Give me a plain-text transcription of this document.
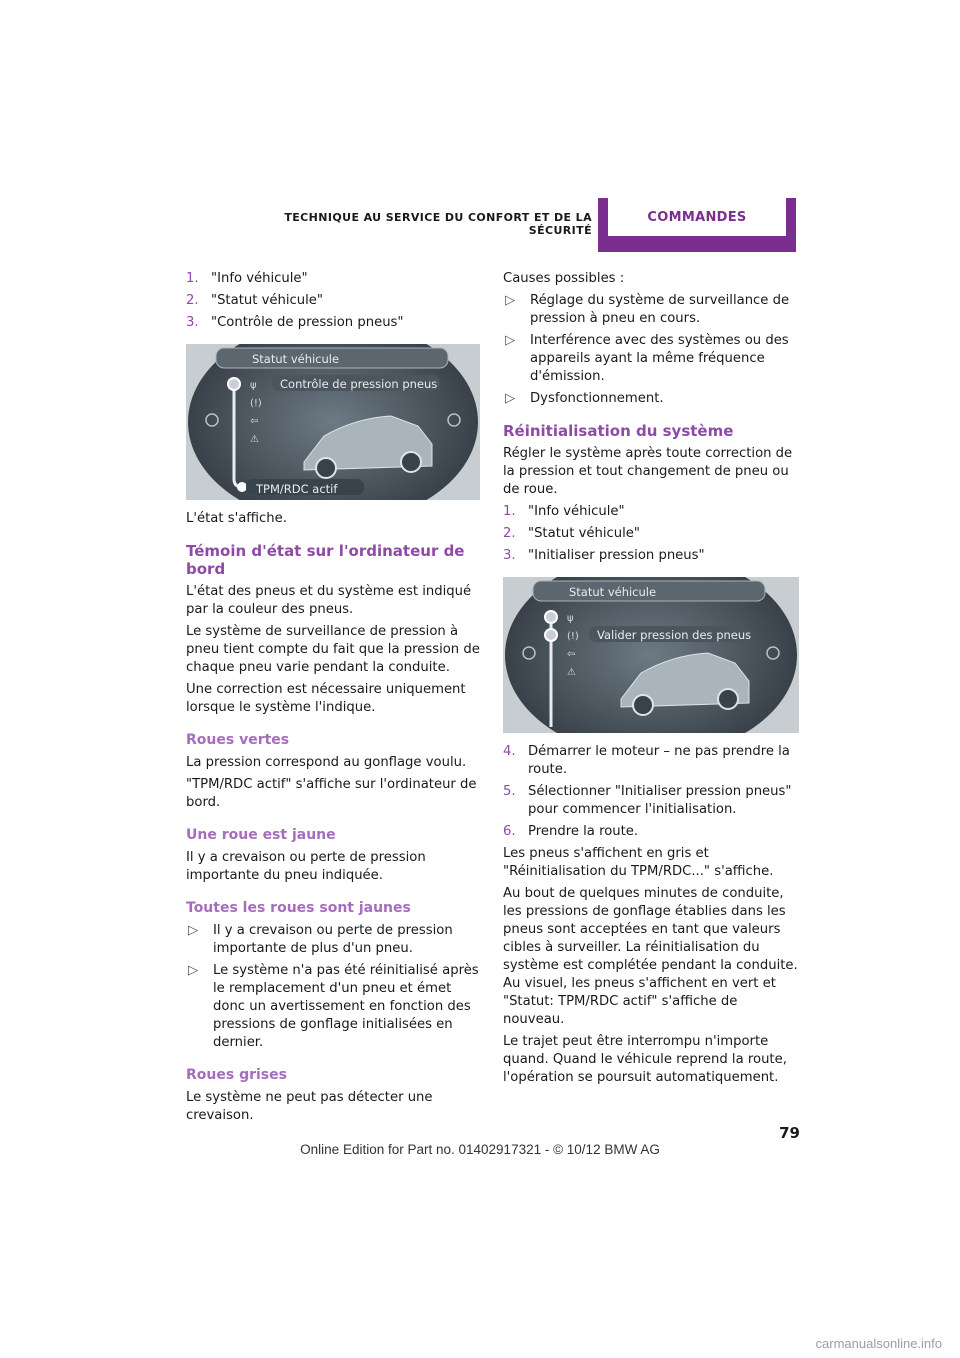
TECHNIQUE AU SERVICE DU CONFORT ET DE LA SÉCURITÉ
COMMANDES
1. "Info véhicule"
2. "Statut véhicule"
3. "Contrôle de pression pneus"
ψ
(!)
⇦
⚠
Statut véhicule
Contrôle de pression pneus
TPM/RDC actif

L'état s'affiche.

Témoin d'état sur l'ordinateur de bord

L'état des pneus et du système est indiqué par la couleur des pneus.

Le système de surveillance de pression à pneu tient compte du fait que la pression de chaque pneu varie pendant la conduite.

Une correction est nécessaire uniquement lorsque le système l'indique.

Roues vertes

La pression correspond au gonflage voulu.

"TPM/RDC actif" s'affiche sur l'ordinateur de bord.

Une roue est jaune

Il y a crevaison ou perte de pression importante du pneu indiquée.

Toutes les roues sont jaunes
▷	Il y a crevaison ou perte de pression importante de plus d'un pneu.
▷	Le système n'a pas été réinitialisé après le remplacement d'un pneu et émet donc un avertissement en fonction des pressions de gonflage initialisées en dernier.
Roues grises

Le système ne peut pas détecter une crevaison.

Causes possibles :

▷	Réglage du système de surveillance de pression à pneu en cours.
▷	Interférence avec des systèmes ou des appareils ayant la même fréquence d'émission.
▷	Dysfonctionnement.
Réinitialisation du système

Régler le système après toute correction de la pression et tout changement de pneu ou de roue.

1. "Info véhicule"
2. "Statut véhicule"
3. "Initialiser pression pneus"
ψ
(!)
⇦
⚠
Statut véhicule
Valider pression des pneus
4. Démarrer le moteur – ne pas prendre la route.
5. Sélectionner "Initialiser pression pneus" pour commencer l'initialisation.
6. Prendre la route.

Les pneus s'affichent en gris et "Réinitialisation du TPM/RDC..." s'affiche.

Au bout de quelques minutes de conduite, les pressions de gonflage établies dans les pneus sont acceptées en tant que valeurs cibles à surveiller. La réinitialisation du système est complétée pendant la conduite. Au visuel, les pneus s'affichent en vert et "Statut: TPM/RDC actif" s'affiche de nouveau.

Le trajet peut être interrompu n'importe quand. Quand le véhicule reprend la route, l'opération se poursuit automatiquement.

79
Online Edition for Part no. 01402917321 - © 10/12 BMW AG
carmanualsonline.info
